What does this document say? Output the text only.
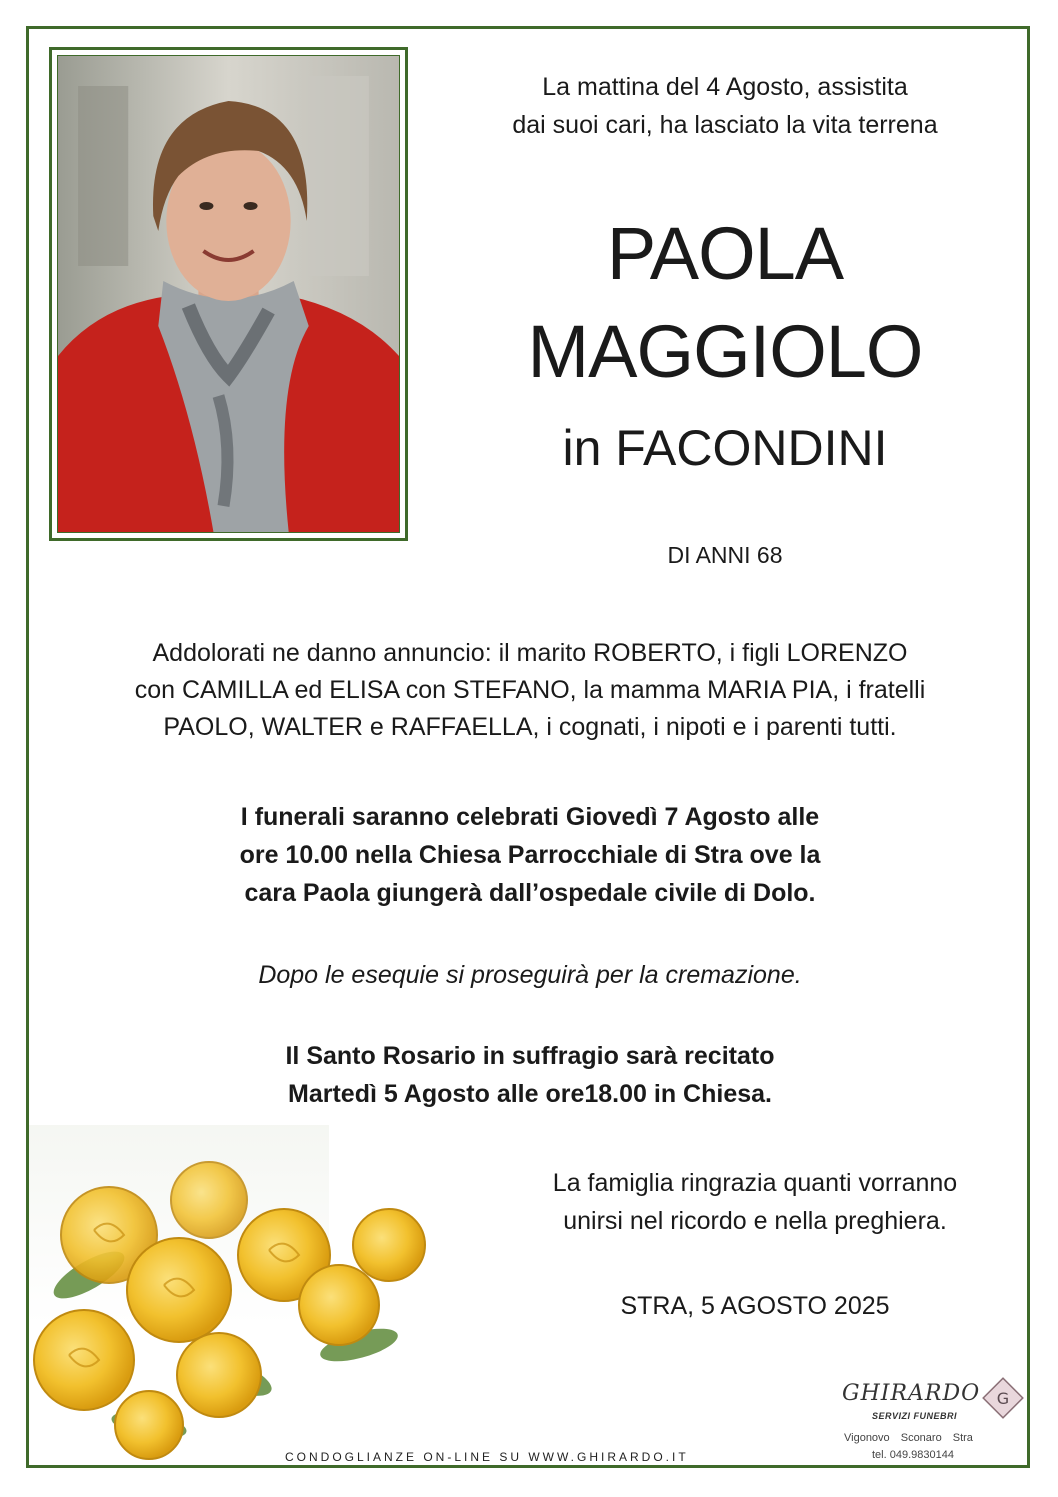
La mattina del 4 Agosto, assistita
dai suoi cari, ha lasciato la vita terrena
PAOLA
MAGGIOLO
in FACONDINI
DI ANNI 68
Addolorati ne danno annuncio: il marito ROBERTO, i figli LORENZO
con CAMILLA ed ELISA con STEFANO, la mamma MARIA PIA, i fratelli
PAOLO, WALTER e RAFFAELLA, i cognati, i nipoti e i parenti tutti.
I funerali saranno celebrati Giovedì 7 Agosto alle
ore 10.00 nella Chiesa Parrocchiale di Stra ove la
cara Paola giungerà dall’ospedale civile di Dolo.
Dopo le esequie si proseguirà per la cremazione.
Il Santo Rosario in suffragio sarà recitato
Martedì 5 Agosto alle ore18.00 in Chiesa.
La famiglia ringrazia quanti vorranno
unirsi nel ricordo e nella preghiera.
STRA, 5 AGOSTO 2025
CONDOGLIANZE ON-LINE SU WWW.GHIRARDO.IT
GHIRARDO
SERVIZI FUNEBRI
G
Vigonovo Sconaro Stra
tel. 049.9830144
